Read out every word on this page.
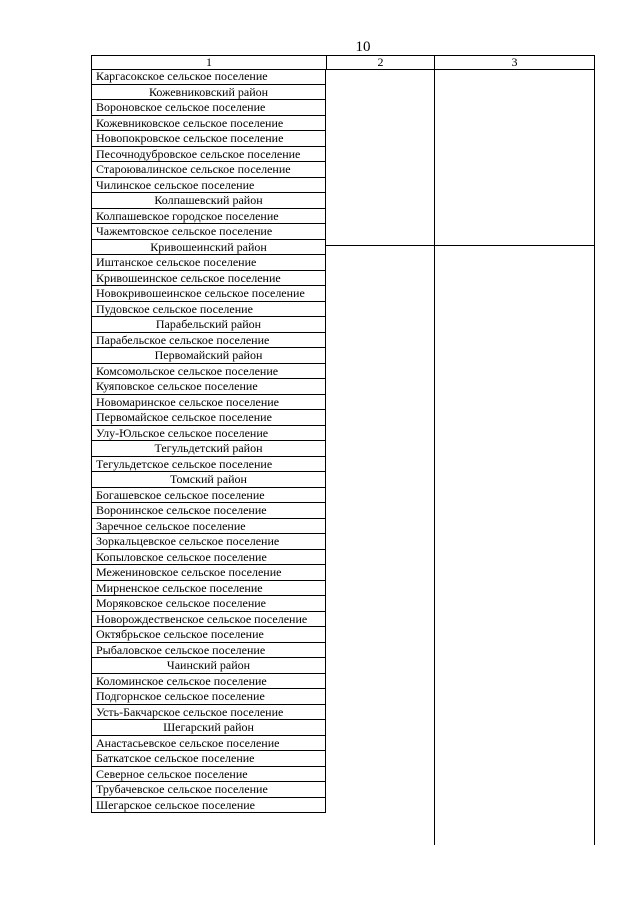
10
1	2	3
Каргасокское сельское поселение
Кожевниковский район
Вороновское сельское поселение
Кожевниковское сельское поселение
Новопокровское сельское поселение
Песочнодубровское сельское поселение
Староювалинское сельское поселение
Чилинское сельское поселение
Колпашевский район
Колпашевское городское поселение
Чажемтовское сельское поселение
Кривошеинский район
Иштанское сельское поселение
Кривошеинское сельское поселение
Новокривошеинское сельское поселение
Пудовское сельское поселение
Парабельский район
Парабельское сельское поселение
Первомайский район
Комсомольское сельское поселение
Куяповское сельское поселение
Новомаринское сельское поселение
Первомайское сельское поселение
Улу-Юльское сельское поселение
Тегульдетский район
Тегульдетское сельское поселение
Томский район
Богашевское сельское поселение
Воронинское сельское поселение
Заречное сельское поселение
Зоркальцевское сельское поселение
Копыловское сельское поселение
Межениновское сельское поселение
Мирненское сельское поселение
Моряковское сельское поселение
Новорождественское сельское поселение
Октябрьское сельское поселение
Рыбаловское сельское поселение
Чаинский район
Коломинское сельское поселение
Подгорнское сельское поселение
Усть-Бакчарское сельское поселение
Шегарский район
Анастасьевское сельское поселение
Баткатское сельское поселение
Северное сельское поселение
Трубачевское сельское поселение
Шегарское сельское поселение
